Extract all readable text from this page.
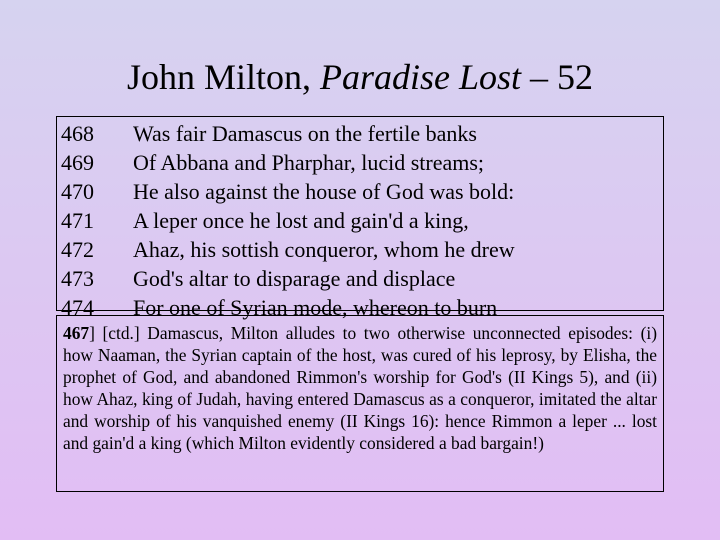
John Milton, Paradise Lost – 52
468 Was fair Damascus on the fertile banks
469 Of Abbana and Pharphar, lucid streams;
470 He also against the house of God was bold:
471 A leper once he lost and gain'd a king,
472 Ahaz, his sottish conqueror, whom he drew
473 God's altar to disparage and displace
474 For one of Syrian mode, whereon to burn

467] [ctd.] Damascus, Milton alludes to two otherwise unconnected episodes: (i) how Naaman, the Syrian captain of the host, was cured of his leprosy, by Elisha, the prophet of God, and abandoned Rimmon's worship for God's (II Kings 5), and (ii) how Ahaz, king of Judah, having entered Damascus as a conqueror, imitated the altar and worship of his vanquished enemy (II Kings 16): hence Rimmon a leper ... lost and gain'd a king (which Milton evidently considered a bad bargain!)
